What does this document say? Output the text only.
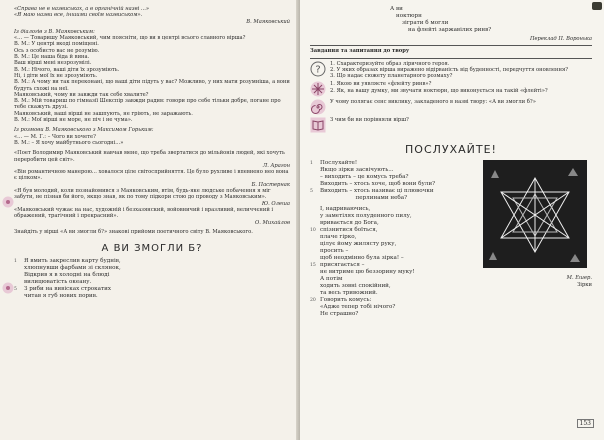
«Справа не в назвиськах, а в органічній назві ...»

«Я маю назви все, іншими своїм назвиськом».

В. Маяковський

Із діалогів з В. Маяковським:

«... — Товаришу Маяковський, чим поясніти, що ви в центрі всього славного вірша?

В. М.: У центрі вкоді поміщені.

Ось з особисто вас не розумію.

В. М.: Це наша біда й вина.

Ваш вірші мені незрозумілі.

В. М.: Нічого, ваші діти їх зрозуміють.

Ні, і діти мої їх не зрозуміють.

В. М.: А чому ви так переконані, що ваші діти підуть у вас? Можливо, у них мати розумніша, а вони будуть схожі на неї.

Маяковський, чому ви завжди так себе хвалите?

В. М.: Мій товариш по гімназії Шекспір завжди радив: говори про себе тільки добре, погане про тебе скажуть друзі.

Маяковський, ваші вірші не зашпують, не гріють, не заражають.

В. М.: Мої вірші не море, не піч і не чума».

Із розмови В. Маяковського з Максимом Горьким:

«... — М. Г.: – Чого ви хочете?

В. М.: – Я хочу майбутнього сьогодні...»

«Поет Володимир Маяковський навчав мене, що треба звертатися до мільйонів людей, які хочуть переробити цей світ».

Л. Арагон

«Він романтичною манерою... ховалося ціле світосприйняття. Це було рухливе і впевнено нео вона є цілком».

Б. Пастернак

«Я був молодий, коли познайомився з Маяковським, втім, будь-яке людське побачення я міг забути, не пізнав би його, якщо знав, як по тому підкори стою до проводу з Маяковським».

Ю. Олеша

«Маяковський чужає на нас, художній і безхазянский, войовничий і вразливий, величчєний і ображений, трагічний і прекрасний».

О. Михайлов

Знайдіть у вірші «А ви змогли б?» знакові прийоми поетичного світу В. Маяковського.

А ВИ ЗМОГЛИ Б?

1 Я вмить закреслив карту буднів,

хлюпнувши фарбами зі склянок,

Відкрив я в холодні на блюді

вилицюватість океану.

5 З риби на вивісках строкатих

читав я губ нових порив.

А ви

ноктюрн

зіграти б могли

на флейті заржавілих ринв?

Переклад П. Воронька

Завдання та запитання до твору

?

1. Схарактеризуйте образ ліричного героя.

2. У яких образах вірша виражено відірваність від буденності, передчуття оновлення?

3. Що надає сюжету планетарного розмаху?

1. Якою ви уявляєте «флейту ринв»?

2. Як, на вашу думку, ми звучати ноктюрн, що виконується на такій «флейті»?

У чому полягає сенс виклику, закладеного в назві твору: «А ви змогли б?»

З чим би ви порівняли вірш?

ПОСЛУХАЙТЕ!

1 Послухайте!

Якщо зірки засвічують...

– виходить – це комусь треба?

Виходить – хтось хоче, щоб вони були?

5 Виходить – хтось називає ці плювочки

перлинами неба?

І, надриваючись,

у заметілях полуденного пилу,

вривається до Бога,

10 спізнитися боїться,

плаче гірко,

цілує йому жилясту руку,

просить –

щоб неодмінно була зірка! –

15 присягається –

не витриме цю беззорину муку!

А потім

ходить зовні спокійний,

та весь тривожний.

20 Говорить комусь:

«Адже тепер тобі нічого?

Не страшно?

М. Ешер.

Зірки

153
